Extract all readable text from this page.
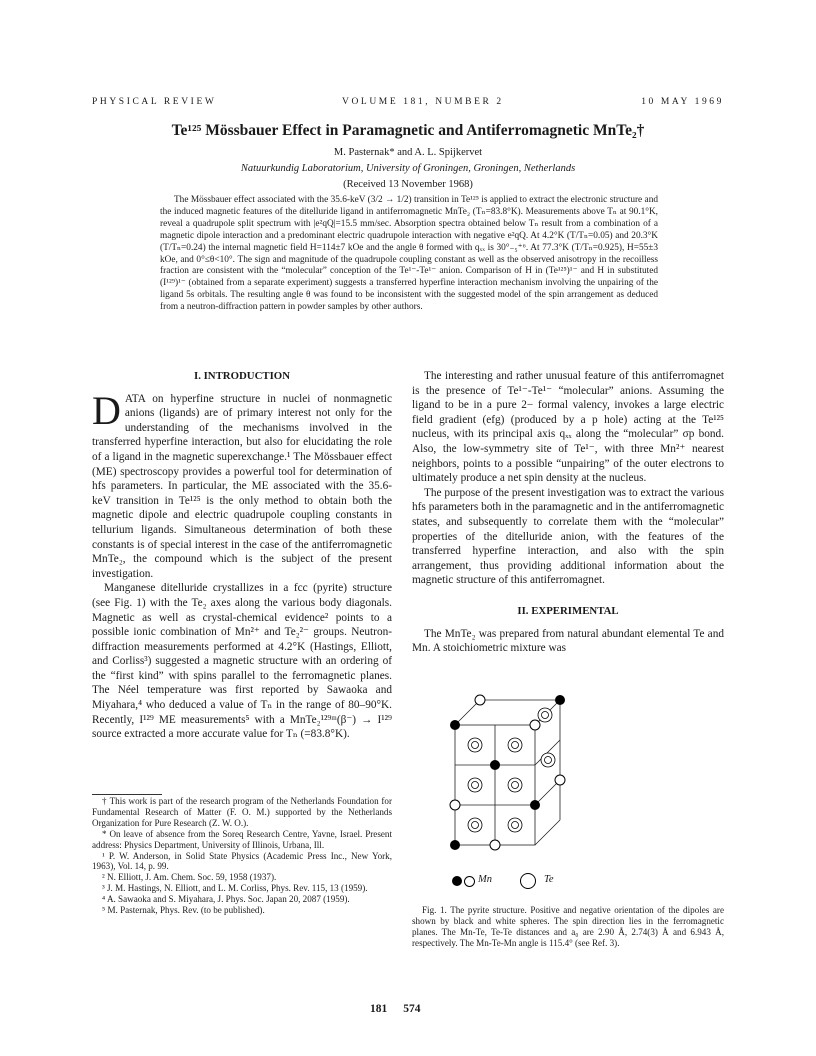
PHYSICAL REVIEW	VOLUME 181, NUMBER 2	10 MAY 1969
Te¹²⁵ Mössbauer Effect in Paramagnetic and Antiferromagnetic MnTe₂†
M. Pasternak* and A. L. Spijkervet
Natuurkundig Laboratorium, University of Groningen, Groningen, Netherlands
(Received 13 November 1968)
The Mössbauer effect associated with the 35.6-keV (3/2 → 1/2) transition in Te¹²⁵ is applied to extract the electronic structure and the induced magnetic features of the ditelluride ligand in antiferromagnetic MnTe₂ (Tₙ=83.8°K). Measurements above Tₙ at 90.1°K, reveal a quadrupole split spectrum with |e²qQ|=15.5 mm/sec. Absorption spectra obtained below Tₙ result from a combination of a magnetic dipole interaction and a predominant electric quadrupole interaction with negative e²qQ. At 4.2°K (T/Tₙ=0.05) and 20.3°K (T/Tₙ=0.24) the internal magnetic field H=114±7 kOe and the angle θ formed with qₓₓ is 30°₋₅⁺⁶. At 77.3°K (T/Tₙ=0.925), H=55±3 kOe, and 0°≤θ<10°. The sign and magnitude of the quadrupole coupling constant as well as the observed anisotropy in the recoilless fraction are consistent with the “molecular” conception of the Te¹⁻-Te¹⁻ anion. Comparison of H in (Te¹²⁵)¹⁻ and H in substituted (I¹²⁹)¹⁻ (obtained from a separate experiment) suggests a transferred hyperfine interaction mechanism involving the unpairing of the ligand 5s orbitals. The resulting angle θ was found to be inconsistent with the suggested model of the spin arrangement as deduced from a neutron-diffraction pattern in powder samples by other authors.
I. INTRODUCTION

DATA on hyperfine structure in nuclei of nonmagnetic anions (ligands) are of primary interest not only for the understanding of the mechanisms involved in the transferred hyperfine interaction, but also for elucidating the role of a ligand in the magnetic superexchange.¹ The Mössbauer effect (ME) spectroscopy provides a powerful tool for determination of hfs parameters. In particular, the ME associated with the 35.6-keV transition in Te¹²⁵ is the only method to obtain both the magnetic dipole and electric quadrupole coupling constants in tellurium ligands. Simultaneous determination of both these constants is of special interest in the case of the antiferromagnetic MnTe₂, the compound which is the subject of the present investigation.

Manganese ditelluride crystallizes in a fcc (pyrite) structure (see Fig. 1) with the Te₂ axes along the various body diagonals. Magnetic as well as crystal-chemical evidence² points to a possible ionic combination of Mn²⁺ and Te₂²⁻ groups. Neutron-diffraction measurements performed at 4.2°K (Hastings, Elliott, and Corliss³) suggested a magnetic structure with an ordering of the “first kind” with spins parallel to the ferromagnetic planes. The Néel temperature was first reported by Sawaoka and Miyahara,⁴ who deduced a value of Tₙ in the range of 80–90°K. Recently, I¹²⁹ ME measurements⁵ with a MnTe₂¹²⁹ᵐ(β⁻) → I¹²⁹ source extracted a more accurate value for Tₙ (=83.8°K).

† This work is part of the research program of the Netherlands Foundation for Fundamental Research of Matter (F. O. M.) supported by the Netherlands Organization for Pure Research (Z. W. O.).

* On leave of absence from the Soreq Research Centre, Yavne, Israel. Present address: Physics Department, University of Illinois, Urbana, Ill.

¹ P. W. Anderson, in Solid State Physics (Academic Press Inc., New York, 1963), Vol. 14, p. 99.

² N. Elliott, J. Am. Chem. Soc. 59, 1958 (1937).

³ J. M. Hastings, N. Elliott, and L. M. Corliss, Phys. Rev. 115, 13 (1959).

⁴ A. Sawaoka and S. Miyahara, J. Phys. Soc. Japan 20, 2087 (1959).

⁵ M. Pasternak, Phys. Rev. (to be published).

The interesting and rather unusual feature of this antiferromagnet is the presence of Te¹⁻-Te¹⁻ “molecular” anions. Assuming the ligand to be in a pure 2− formal valency, invokes a large electric field gradient (efg) (produced by a p hole) acting at the Te¹²⁵ nucleus, with its principal axis qₓₓ along the “molecular” σp bond. Also, the low-symmetry site of Te¹⁻, with three Mn²⁺ nearest neighbors, points to a possible “unpairing” of the outer electrons to ultimately produce a net spin density at the nucleus.

The purpose of the present investigation was to extract the various hfs parameters both in the paramagnetic and in the antiferromagnetic states, and subsequently to correlate them with the “molecular” properties of the ditelluride anion, with the features of the transferred hyperfine interaction, and also with the spin arrangement, thus providing additional information about the magnetic structure of this antiferromagnet.

II. EXPERIMENTAL

The MnTe₂ was prepared from natural abundant elemental Te and Mn. A stoichiometric mixture was

Mn	Te
Fig. 1. The pyrite structure. Positive and negative orientation of the dipoles are shown by black and white spheres. The spin direction lies in the ferromagnetic planes. The Mn-Te, Te-Te distances and a₀ are 2.90 Å, 2.74(3) Å and 6.943 Å, respectively. The Mn-Te-Mn angle is 115.4° (see Ref. 3).
181 574
